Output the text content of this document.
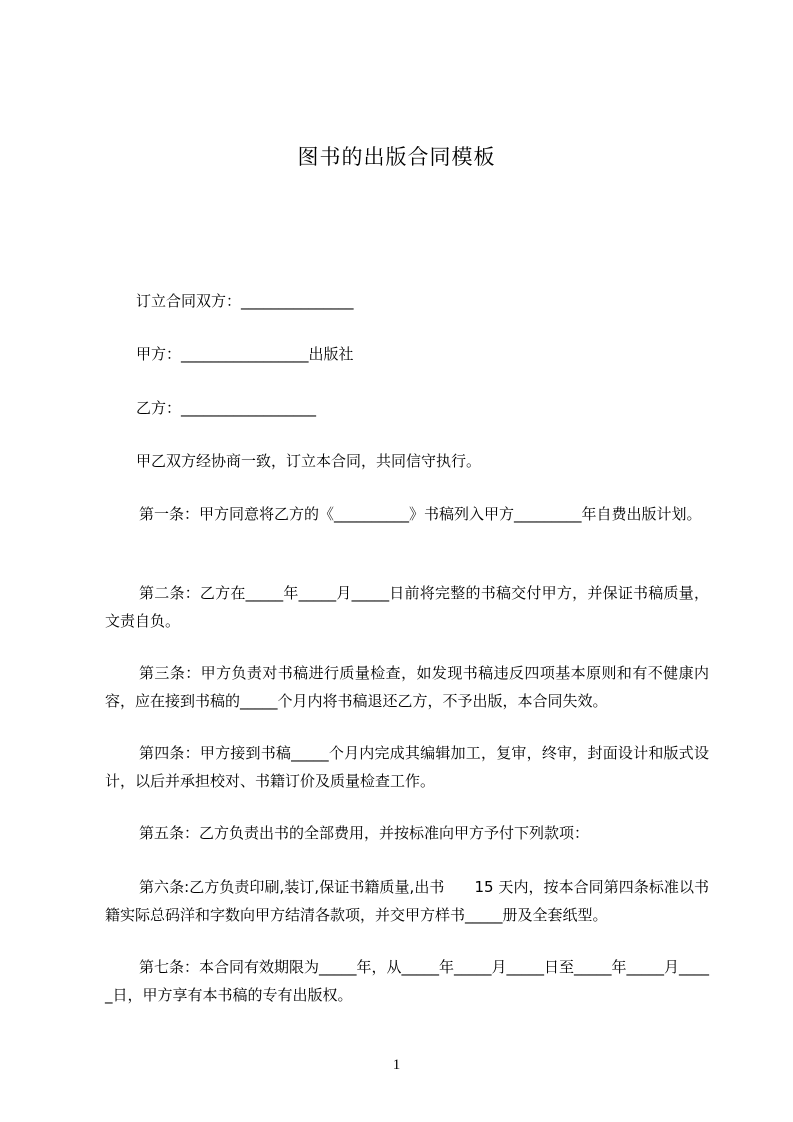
图书的出版合同模板
订立合同双方：_______________
甲方：_________________出版社
乙方：__________________
甲乙双方经协商一致，订立本合同，共同信守执行。
第一条：甲方同意将乙方的《__________》书稿列入甲方_________年自费出版计划。
第二条：乙方在_____年_____月_____日前将完整的书稿交付甲方，并保证书稿质量，文责自负。
第三条：甲方负责对书稿进行质量检查，如发现书稿违反四项基本原则和有不健康内容，应在接到书稿的_____个月内将书稿退还乙方，不予出版，本合同失效。
第四条：甲方接到书稿_____个月内完成其编辑加工，复审，终审，封面设计和版式设计，以后并承担校对、书籍订价及质量检查工作。
第五条：乙方负责出书的全部费用，并按标准向甲方予付下列款项：
第六条:乙方负责印刷,装订,保证书籍质量,出书　　15 天内，按本合同第四条标准以书籍实际总码洋和字数向甲方结清各款项，并交甲方样书_____册及全套纸型。
第七条：本合同有效期限为_____年，从_____年_____月_____日至_____年_____月_____日，甲方享有本书稿的专有出版权。
1
